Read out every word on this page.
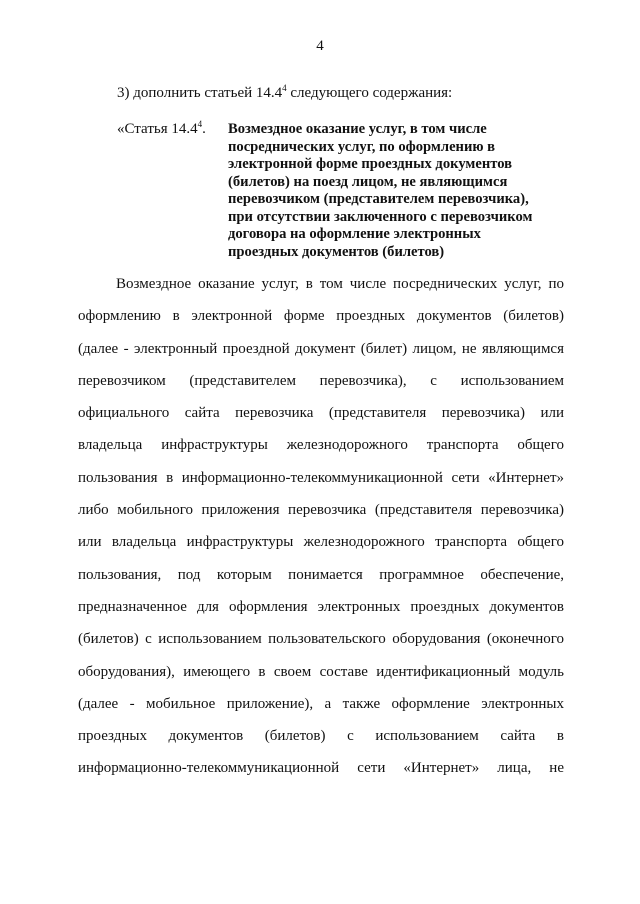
4
3) дополнить статьей 14.4$^4$ следующего содержания:
«Статья 14.4$^4$. Возмездное оказание услуг, в том числе
посреднических услуг, по оформлению в
электронной форме проездных документов
(билетов) на поезд лицом, не являющимся
перевозчиком (представителем перевозчика),
при отсутствии заключенного с перевозчиком
договора на оформление электронных
проездных документов (билетов)
Возмездное оказание услуг, в том числе посреднических услуг, по
оформлению в электронной форме проездных документов (билетов)
(далее - электронный проездной документ (билет) лицом, не являющимся
перевозчиком (представителем перевозчика), с использованием
официального сайта перевозчика (представителя перевозчика) или
владельца инфраструктуры железнодорожного транспорта общего
пользования в информационно-телекоммуникационной сети «Интернет»
либо мобильного приложения перевозчика (представителя перевозчика)
или владельца инфраструктуры железнодорожного транспорта общего
пользования, под которым понимается программное обеспечение,
предназначенное для оформления электронных проездных документов
(билетов) с использованием пользовательского оборудования (оконечного
оборудования), имеющего в своем составе идентификационный модуль
(далее - мобильное приложение), а также оформление электронных
проездных документов (билетов) с использованием сайта в
информационно-телекоммуникационной сети «Интернет» лица, не
